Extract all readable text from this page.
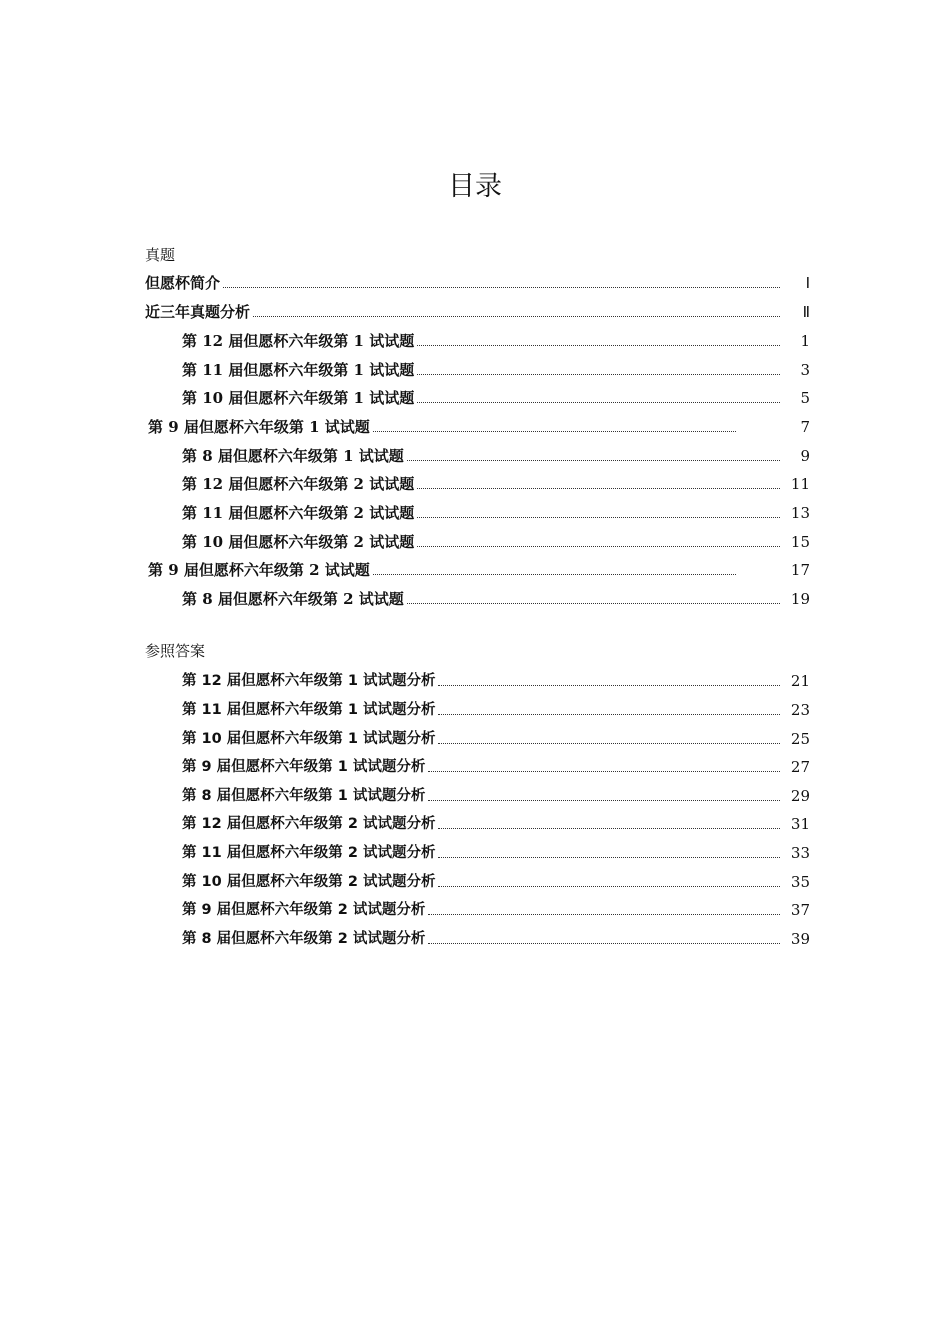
目录
真题
但愿杯简介	Ⅰ
近三年真题分析	Ⅱ
第 12 届但愿杯六年级第 1 试试题	1
第 11 届但愿杯六年级第 1 试试题	3
第 10 届但愿杯六年级第 1 试试题	5
第 9 届但愿杯六年级第 1 试试题	7
第 8 届但愿杯六年级第 1 试试题	9
第 12 届但愿杯六年级第 2 试试题	11
第 11 届但愿杯六年级第 2 试试题	13
第 10 届但愿杯六年级第 2 试试题	15
第 9 届但愿杯六年级第 2 试试题	17
第 8 届但愿杯六年级第 2 试试题	19
参照答案
第 12 届但愿杯六年级第 1 试试题分析	21
第 11 届但愿杯六年级第 1 试试题分析	23
第 10 届但愿杯六年级第 1 试试题分析	25
第 9 届但愿杯六年级第 1 试试题分析	27
第 8 届但愿杯六年级第 1 试试题分析	29
第 12 届但愿杯六年级第 2 试试题分析	31
第 11 届但愿杯六年级第 2 试试题分析	33
第 10 届但愿杯六年级第 2 试试题分析	35
第 9 届但愿杯六年级第 2 试试题分析	37
第 8 届但愿杯六年级第 2 试试题分析	39
